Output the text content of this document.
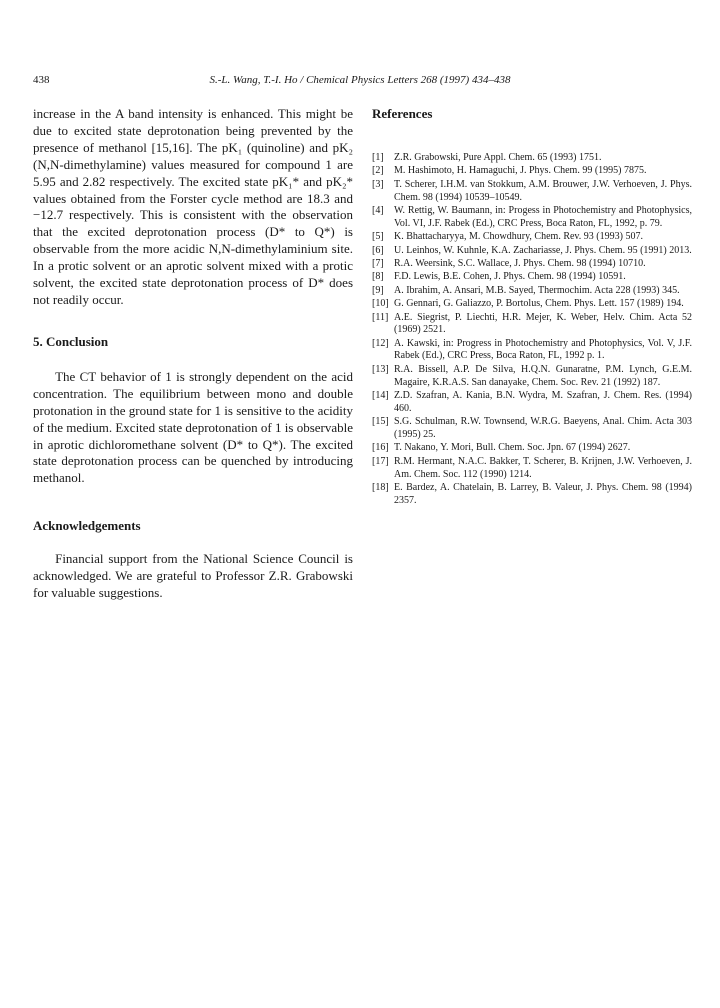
438	S.-L. Wang, T.-I. Ho / Chemical Physics Letters 268 (1997) 434–438

increase in the A band intensity is enhanced. This might be due to excited state deprotonation being prevented by the presence of methanol [15,16]. The pK₁ (quinoline) and pK₂ (N,N-dimethylamine) values measured for compound 1 are 5.95 and 2.82 respectively. The excited state pK₁* and pK₂* values obtained from the Forster cycle method are 18.3 and −12.7 respectively. This is consistent with the observation that the excited deprotonation process (D* to Q*) is observable from the more acidic N,N-dimethylaminium site. In a protic solvent or an aprotic solvent mixed with a protic solvent, the excited state deprotonation process of D* does not readily occur.

5. Conclusion

The CT behavior of 1 is strongly dependent on the acid concentration. The equilibrium between mono and double protonation in the ground state for 1 is sensitive to the acidity of the medium. Excited state deprotonation of 1 is observable in aprotic dichloromethane solvent (D* to Q*). The excited state deprotonation process can be quenched by introducing methanol.

Acknowledgements

Financial support from the National Science Council is acknowledged. We are grateful to Professor Z.R. Grabowski for valuable suggestions.

References
[1]	Z.R. Grabowski, Pure Appl. Chem. 65 (1993) 1751.
[2]	M. Hashimoto, H. Hamaguchi, J. Phys. Chem. 99 (1995) 7875.
[3]	T. Scherer, I.H.M. van Stokkum, A.M. Brouwer, J.W. Verhoeven, J. Phys. Chem. 98 (1994) 10539–10549.
[4]	W. Rettig, W. Baumann, in: Progess in Photochemistry and Photophysics, Vol. VI, J.F. Rabek (Ed.), CRC Press, Boca Raton, FL, 1992, p. 79.
[5]	K. Bhattacharyya, M. Chowdhury, Chem. Rev. 93 (1993) 507.
[6]	U. Leinhos, W. Kuhnle, K.A. Zachariasse, J. Phys. Chem. 95 (1991) 2013.
[7]	R.A. Weersink, S.C. Wallace, J. Phys. Chem. 98 (1994) 10710.
[8]	F.D. Lewis, B.E. Cohen, J. Phys. Chem. 98 (1994) 10591.
[9]	A. Ibrahim, A. Ansari, M.B. Sayed, Thermochim. Acta 228 (1993) 345.
[10] G. Gennari, G. Galiazzo, P. Bortolus, Chem. Phys. Lett. 157 (1989) 194.
[11] A.E. Siegrist, P. Liechti, H.R. Mejer, K. Weber, Helv. Chim. Acta 52 (1969) 2521.
[12] A. Kawski, in: Progress in Photochemistry and Photophysics, Vol. V, J.F. Rabek (Ed.), CRC Press, Boca Raton, FL, 1992 p. 1.
[13] R.A. Bissell, A.P. De Silva, H.Q.N. Gunaratne, P.M. Lynch, G.E.M. Magaire, K.R.A.S. San danayake, Chem. Soc. Rev. 21 (1992) 187.
[14] Z.D. Szafran, A. Kania, B.N. Wydra, M. Szafran, J. Chem. Res. (1994) 460.
[15] S.G. Schulman, R.W. Townsend, W.R.G. Baeyens, Anal. Chim. Acta 303 (1995) 25.
[16] T. Nakano, Y. Mori, Bull. Chem. Soc. Jpn. 67 (1994) 2627.
[17] R.M. Hermant, N.A.C. Bakker, T. Scherer, B. Krijnen, J.W. Verhoeven, J. Am. Chem. Soc. 112 (1990) 1214.
[18] E. Bardez, A. Chatelain, B. Larrey, B. Valeur, J. Phys. Chem. 98 (1994) 2357.
